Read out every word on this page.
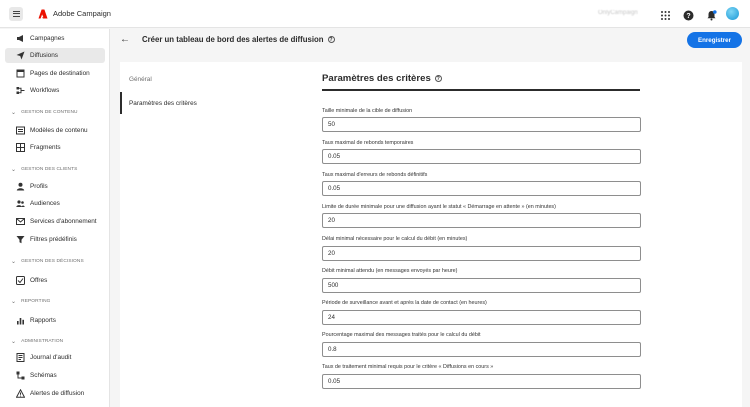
Adobe Campaign	OnlyCampaign	?
Campagnes
Diffusions
Pages de destination
Workflows
⌄ GESTION DE CONTENU
Modèles de contenu
Fragments
⌄ GESTION DES CLIENTS
Profils
Audiences
Services d'abonnement
Filtres prédéfinis
⌄ GESTION DES DÉCISIONS
Offres
⌄ REPORTING
Rapports
⌄ ADMINISTRATION
Journal d'audit
Schémas
Alertes de diffusion
← Créer un tableau de bord des alertes de diffusion	?	Enregistrer
Général
Paramètres des critères
Paramètres des critères	?
Taille minimale de la cible de diffusion
50
Taux maximal de rebonds temporaires
0.05
Taux maximal d'erreurs de rebonds définitifs
0.05
Limite de durée minimale pour une diffusion ayant le statut « Démarrage en attente » (en minutes)
20
Délai minimal nécessaire pour le calcul du débit (en minutes)
20
Débit minimal attendu (en messages envoyés par heure)
500
Période de surveillance avant et après la date de contact (en heures)
24
Pourcentage maximal des messages traités pour le calcul du débit
0.8
Taux de traitement minimal requis pour le critère « Diffusions en cours »
0.05
